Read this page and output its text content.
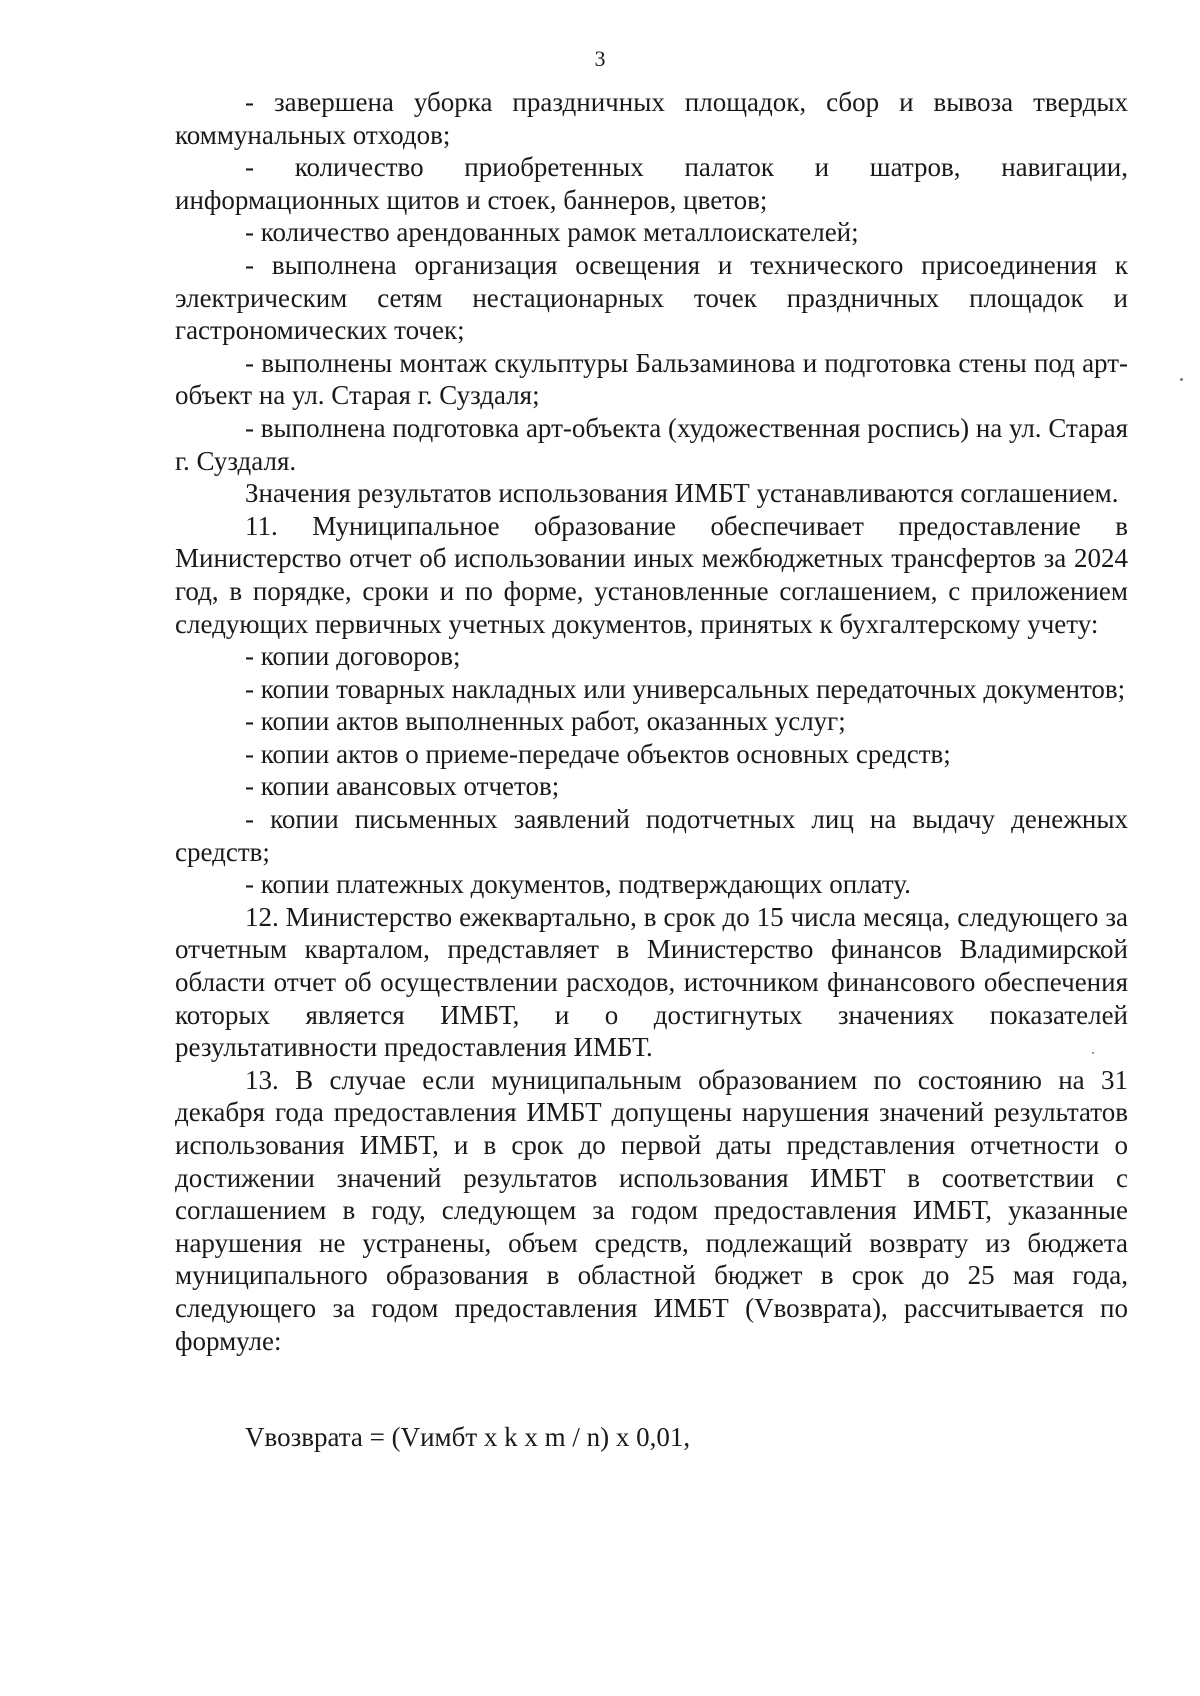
3

- завершена уборка праздничных площадок, сбор и вывоза твердых коммунальных отходов;

- количество приобретенных палаток и шатров, навигации, информационных щитов и стоек, баннеров, цветов;

- количество арендованных рамок металлоискателей;

- выполнена организация освещения и технического присоединения к электрическим сетям нестационарных точек праздничных площадок и гастрономических точек;

- выполнены монтаж скульптуры Бальзаминова и подготовка стены под арт-объект на ул. Старая г. Суздаля;

- выполнена подготовка арт-объекта (художественная роспись) на ул. Старая г. Суздаля.

Значения результатов использования ИМБТ устанавливаются соглашением.

11. Муниципальное образование обеспечивает предоставление в Министерство отчет об использовании иных межбюджетных трансфертов за 2024 год, в порядке, сроки и по форме, установленные соглашением, с приложением следующих первичных учетных документов, принятых к бухгалтерскому учету:

- копии договоров;

- копии товарных накладных или универсальных передаточных документов;

- копии актов выполненных работ, оказанных услуг;

- копии актов о приеме-передаче объектов основных средств;

- копии авансовых отчетов;

- копии письменных заявлений подотчетных лиц на выдачу денежных средств;

- копии платежных документов, подтверждающих оплату.

12. Министерство ежеквартально, в срок до 15 числа месяца, следующего за отчетным кварталом, представляет в Министерство финансов Владимирской области отчет об осуществлении расходов, источником финансового обеспечения которых является ИМБТ, и о достигнутых значениях показателей результативности предоставления ИМБТ.

13. В случае если муниципальным образованием по состоянию на 31 декабря года предоставления ИМБТ допущены нарушения значений результатов использования ИМБТ, и в срок до первой даты представления отчетности о достижении значений результатов использования ИМБТ в соответствии с соглашением в году, следующем за годом предоставления ИМБТ, указанные нарушения не устранены, объем средств, подлежащий возврату из бюджета муниципального образования в областной бюджет в срок до 25 мая года, следующего за годом предоставления ИМБТ (Vвозврата), рассчитывается по формуле:

Vвозврата = (Vимбт x k x m / n) x 0,01,
